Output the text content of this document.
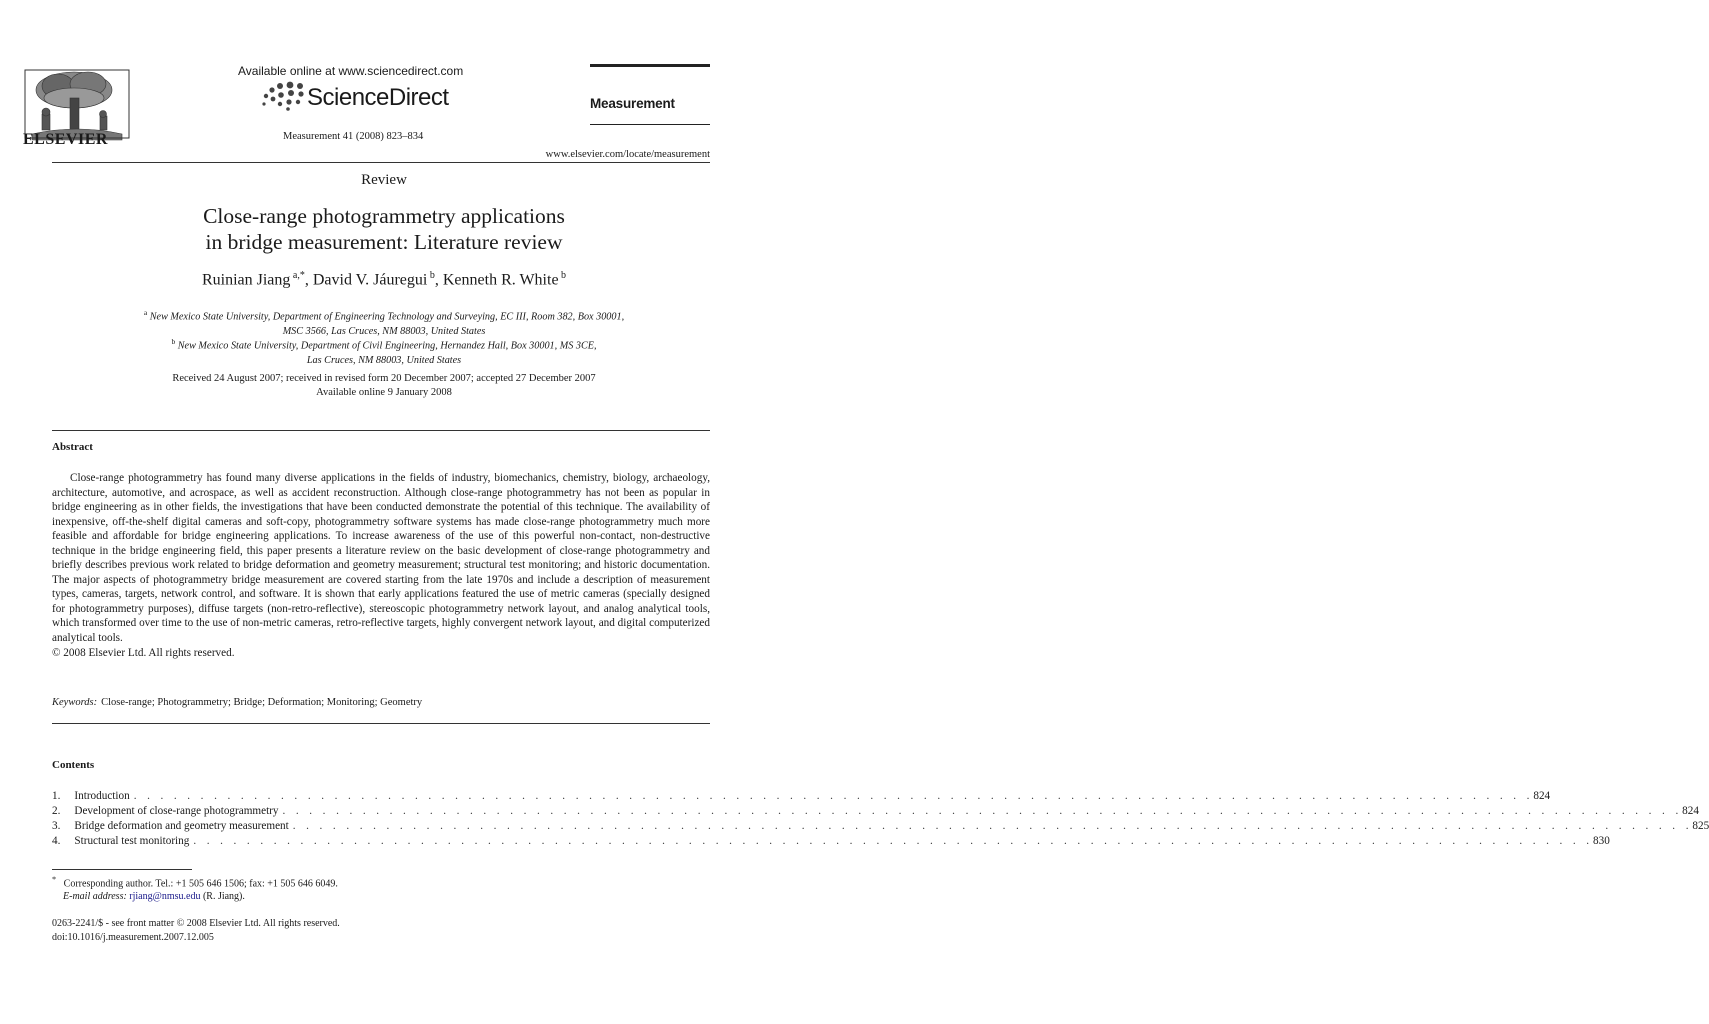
ELSEVIER
Available online at www.sciencedirect.com
ScienceDirect
Measurement 41 (2008) 823–834
Measurement
www.elsevier.com/locate/measurement
Review
Close-range photogrammetry applications
in bridge measurement: Literature review
Ruinian Jiang $^{a,*}$, David V. Jáuregui $^b$, Kenneth R. White $^b$
$^a$ New Mexico State University, Department of Engineering Technology and Surveying, EC III, Room 382, Box 30001,
MSC 3566, Las Cruces, NM 88003, United States
$^b$ New Mexico State University, Department of Civil Engineering, Hernandez Hall, Box 30001, MS 3CE,
Las Cruces, NM 88003, United States
Received 24 August 2007; received in revised form 20 December 2007; accepted 27 December 2007
Available online 9 January 2008
Abstract
Close-range photogrammetry has found many diverse applications in the fields of industry, biomechanics, chemistry, biology, archaeology, architecture, automotive, and acrospace, as well as accident reconstruction. Although close-range photogrammetry has not been as popular in bridge engineering as in other fields, the investigations that have been conducted demonstrate the potential of this technique. The availability of inexpensive, off-the-shelf digital cameras and soft-copy, photogrammetry software systems has made close-range photogrammetry much more feasible and affordable for bridge engineering applications. To increase awareness of the use of this powerful non-contact, non-destructive technique in the bridge engineering field, this paper presents a literature review on the basic development of close-range photogrammetry and briefly describes previous work related to bridge deformation and geometry measurement; structural test monitoring; and historic documentation. The major aspects of photogrammetry bridge measurement are covered starting from the late 1970s and include a description of measurement types, cameras, targets, network control, and software. It is shown that early applications featured the use of metric cameras (specially designed for photogrammetry purposes), diffuse targets (non-retro-reflective), stereoscopic photogrammetry network layout, and analog analytical tools, which transformed over time to the use of non-metric cameras, retro-reflective targets, highly convergent network layout, and digital computerized analytical tools.
© 2008 Elsevier Ltd. All rights reserved.
Keywords: Close-range; Photogrammetry; Bridge; Deformation; Monitoring; Geometry
Contents
1.	Introduction . . . . . . . . . . . . . . . . . . . . . . . . . . . . . . . . . . . . . . . . . . . . . . . . . . . . . . . . . . . . . . . . . . . . . . . . . . . . . . . . . . . . . . . . . . . . . . . . . . . . . . . . . 824
2.	Development of close-range photogrammetry . . . . . . . . . . . . . . . . . . . . . . . . . . . . . . . . . . . . . . . . . . . . . . . . . . . . . . . . . . . . . . . . . . . . . . . . . . . . . . . . . . . . . . . . . . . . . . . . . . . . . . . . . 824
3.	Bridge deformation and geometry measurement . . . . . . . . . . . . . . . . . . . . . . . . . . . . . . . . . . . . . . . . . . . . . . . . . . . . . . . . . . . . . . . . . . . . . . . . . . . . . . . . . . . . . . . . . . . . . . . . . . . . . . . . . 825
4.	Structural test monitoring . . . . . . . . . . . . . . . . . . . . . . . . . . . . . . . . . . . . . . . . . . . . . . . . . . . . . . . . . . . . . . . . . . . . . . . . . . . . . . . . . . . . . . . . . . . . . . . . . . . . . . . . . 830
* Corresponding author. Tel.: +1 505 646 1506; fax: +1 505 646 6049.
E-mail address: rjiang@nmsu.edu (R. Jiang).
0263-2241/$ - see front matter © 2008 Elsevier Ltd. All rights reserved.
doi:10.1016/j.measurement.2007.12.005
